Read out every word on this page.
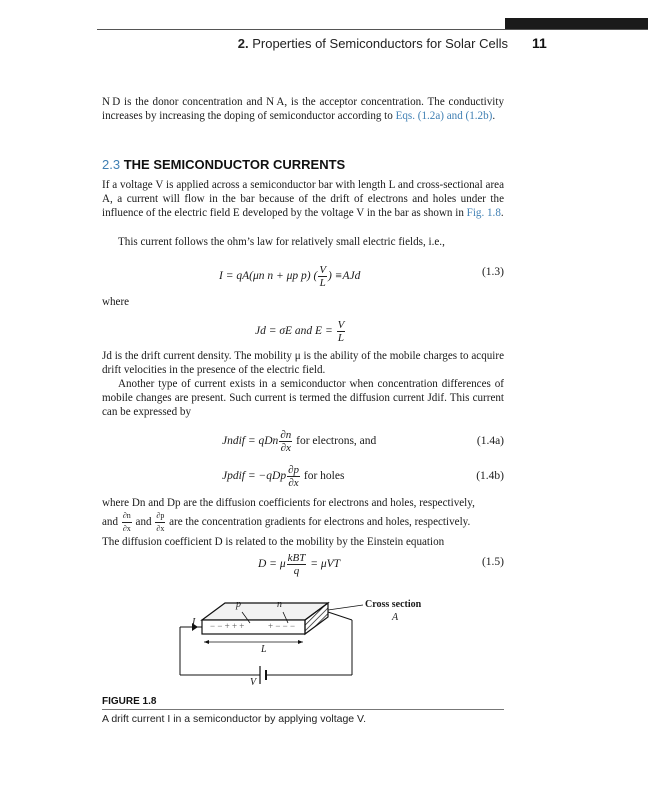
2. Properties of Semiconductors for Solar Cells 11
N D is the donor concentration and N A, is the acceptor concentration. The conductivity increases by increasing the doping of semiconductor according to Eqs. (1.2a) and (1.2b).
2.3 THE SEMICONDUCTOR CURRENTS
If a voltage V is applied across a semiconductor bar with length L and cross-sectional area A, a current will flow in the bar because of the drift of electrons and holes under the influence of the electric field E developed by the voltage V in the bar as shown in Fig. 1.8.
This current follows the ohm’s law for relatively small electric fields, i.e.,
I = qA(μn n + μp p) ( $\frac{V}{L}$ ) ≡AJd	(1.3)
where
Jd = σE and $E = \frac{V}{L}$
Jd is the drift current density. The mobility μ is the ability of the mobile charges to acquire drift velocities in the presence of the electric field.
Another type of current exists in a semiconductor when concentration differences of mobile changes are present. Such current is termed the diffusion current Jdif. This current can be expressed by
Jndif = qDn $\frac{\partial n}{\partial x}$ for electrons, and	(1.4a)
Jpdif = $-qDp \frac{\partial p}{\partial x}$ for holes	(1.4b)
where Dn and Dp are the diffusion coefficients for electrons and holes, respectively,
and $\frac{\partial n}{\partial x}$ and $\frac{\partial p}{\partial x}$ are the concentration gradients for electrons and holes, respectively.
The diffusion coefficient D is related to the mobility by the Einstein equation
D = μ $\frac{\text{kBT}}{q} = \mu VT$	(1.5)
p	n
I
L
V
− − + + +	+ − − −
Cross section
A
FIGURE 1.8
A drift current I in a semiconductor by applying voltage V.
